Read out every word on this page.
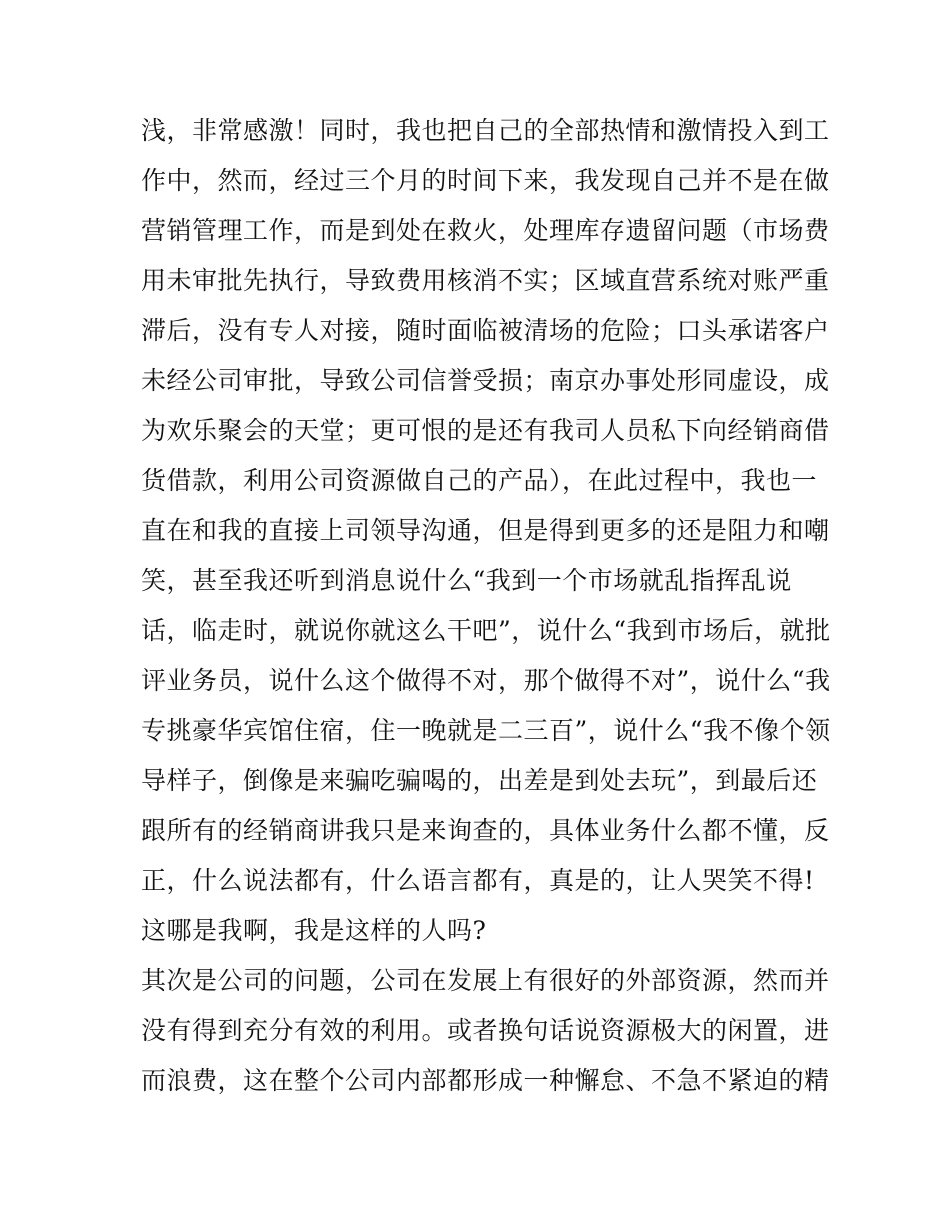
浅，非常感激！同时，我也把自己的全部热情和激情投入到工
作中，然而，经过三个月的时间下来，我发现自己并不是在做
营销管理工作，而是到处在救火，处理库存遗留问题（市场费
用未审批先执行，导致费用核消不实；区域直营系统对账严重
滞后，没有专人对接，随时面临被清场的危险；口头承诺客户
未经公司审批，导致公司信誉受损；南京办事处形同虚设，成
为欢乐聚会的天堂；更可恨的是还有我司人员私下向经销商借
货借款，利用公司资源做自己的产品），在此过程中，我也一
直在和我的直接上司领导沟通，但是得到更多的还是阻力和嘲
笑，甚至我还听到消息说什么“我到一个市场就乱指挥乱说
话，临走时，就说你就这么干吧”，说什么“我到市场后，就批
评业务员，说什么这个做得不对，那个做得不对”，说什么“我
专挑豪华宾馆住宿，住一晚就是二三百”，说什么“我不像个领
导样子，倒像是来骗吃骗喝的，出差是到处去玩”，到最后还
跟所有的经销商讲我只是来询查的，具体业务什么都不懂，反
正，什么说法都有，什么语言都有，真是的，让人哭笑不得!
这哪是我啊，我是这样的人吗?
其次是公司的问题，公司在发展上有很好的外部资源，然而并
没有得到充分有效的利用。或者换句话说资源极大的闲置，进
而浪费，这在整个公司内部都形成一种懈怠、不急不紧迫的精
